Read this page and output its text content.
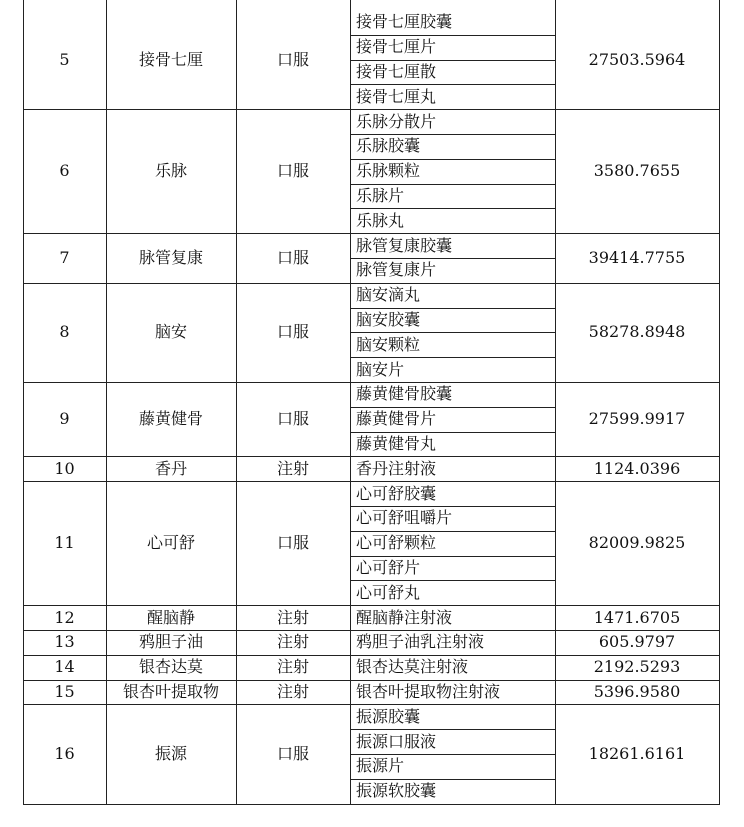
5	接骨七厘	口服
接骨七厘胶囊
接骨七厘片
接骨七厘散
接骨七厘丸
27503.5964
6	乐脉	口服
乐脉分散片
乐脉胶囊
乐脉颗粒
乐脉片
乐脉丸
3580.7655
7	脉管复康	口服
脉管复康胶囊
脉管复康片
39414.7755
8	脑安	口服
脑安滴丸
脑安胶囊
脑安颗粒
脑安片
58278.8948
9	藤黄健骨	口服
藤黄健骨胶囊
藤黄健骨片
藤黄健骨丸
27599.9917
10	香丹	注射	香丹注射液	1124.0396
11	心可舒	口服
心可舒胶囊
心可舒咀嚼片
心可舒颗粒
心可舒片
心可舒丸
82009.9825
12	醒脑静	注射	醒脑静注射液	1471.6705
13	鸦胆子油	注射	鸦胆子油乳注射液	605.9797
14	银杏达莫	注射	银杏达莫注射液	2192.5293
15	银杏叶提取物	注射	银杏叶提取物注射液	5396.9580
16	振源	口服
振源胶囊
振源口服液
振源片
振源软胶囊
18261.6161
